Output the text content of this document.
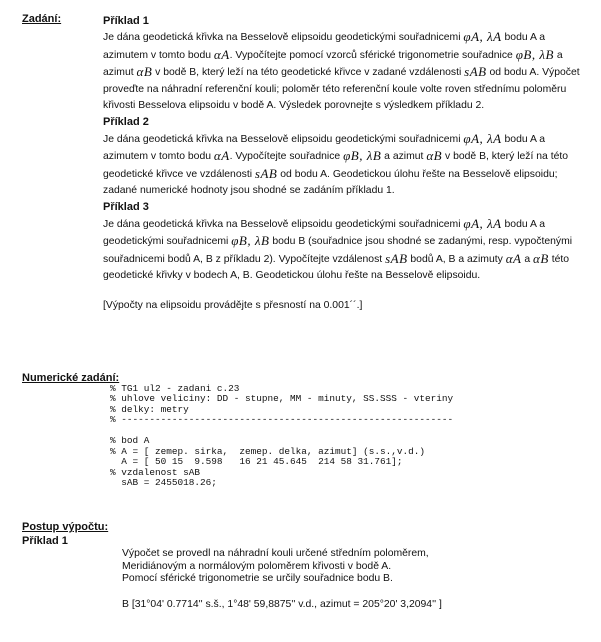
Zadání:	Příklad 1

Je dána geodetická křivka na Besselově elipsoidu geodetickými souřadnicemi φA, λA bodu A a azimutem v tomto bodu αA. Vypočítejte pomocí vzorců sférické trigonometrie souřadnice φB, λB a azimut αB v bodě B, který leží na této geodetické křivce v zadané vzdálenosti sAB od bodu A. Výpočet proveďte na náhradní referenční kouli; poloměr této referenční koule volte roven střednímu poloměru křivosti Besselova elipsoidu v bodě A. Výsledek porovnejte s výsledkem příkladu 2.

Příklad 2

Je dána geodetická křivka na Besselově elipsoidu geodetickými souřadnicemi φA, λA bodu A a azimutem v tomto bodu αA. Vypočítejte souřadnice φB, λB a azimut αB v bodě B, který leží na této geodetické křivce ve vzdálenosti sAB od bodu A. Geodetickou úlohu řešte na Besselově elipsoidu; zadané numerické hodnoty jsou shodné se zadáním příkladu 1.

Příklad 3

Je dána geodetická křivka na Besselově elipsoidu geodetickými souřadnicemi φA, λA bodu A a geodetickými souřadnicemi φB, λB bodu B (souřadnice jsou shodné se zadanými, resp. vypočtenými souřadnicemi bodů A, B z příkladu 2). Vypočítejte vzdálenost sAB bodů A, B a azimuty αA a αB této geodetické křivky v bodech A, B. Geodetickou úlohu řešte na Besselově elipsoidu.

[Výpočty na elipsoidu provádějte s přesností na 0.001´´.]
Numerické zadání:
% TG1 ul2 - zadani c.23
% uhlove veliciny: DD - stupne, MM - minuty, SS.SSS - vteriny
% delky: metry
% -----------------------------------------------------------

% bod A
% A = [ zemep. sirka,  zemep. delka, azimut] (s.s.,v.d.)
A = [ 50 15  9.598   16 21 45.645  214 58 31.761];
% vzdalenost sAB
sAB = 2455018.26;
Postup výpočtu:
Příklad 1
Výpočet se provedl na náhradní kouli určené středním poloměrem,
Meridiánovým a normálovým poloměrem křivosti v bodě A.
Pomocí sférické trigonometrie se určily souřadnice bodu B.
B [31°04' 0.7714'' s.š., 1°48' 59,8875'' v.d., azimut = 205°20' 3,2094'' ]
